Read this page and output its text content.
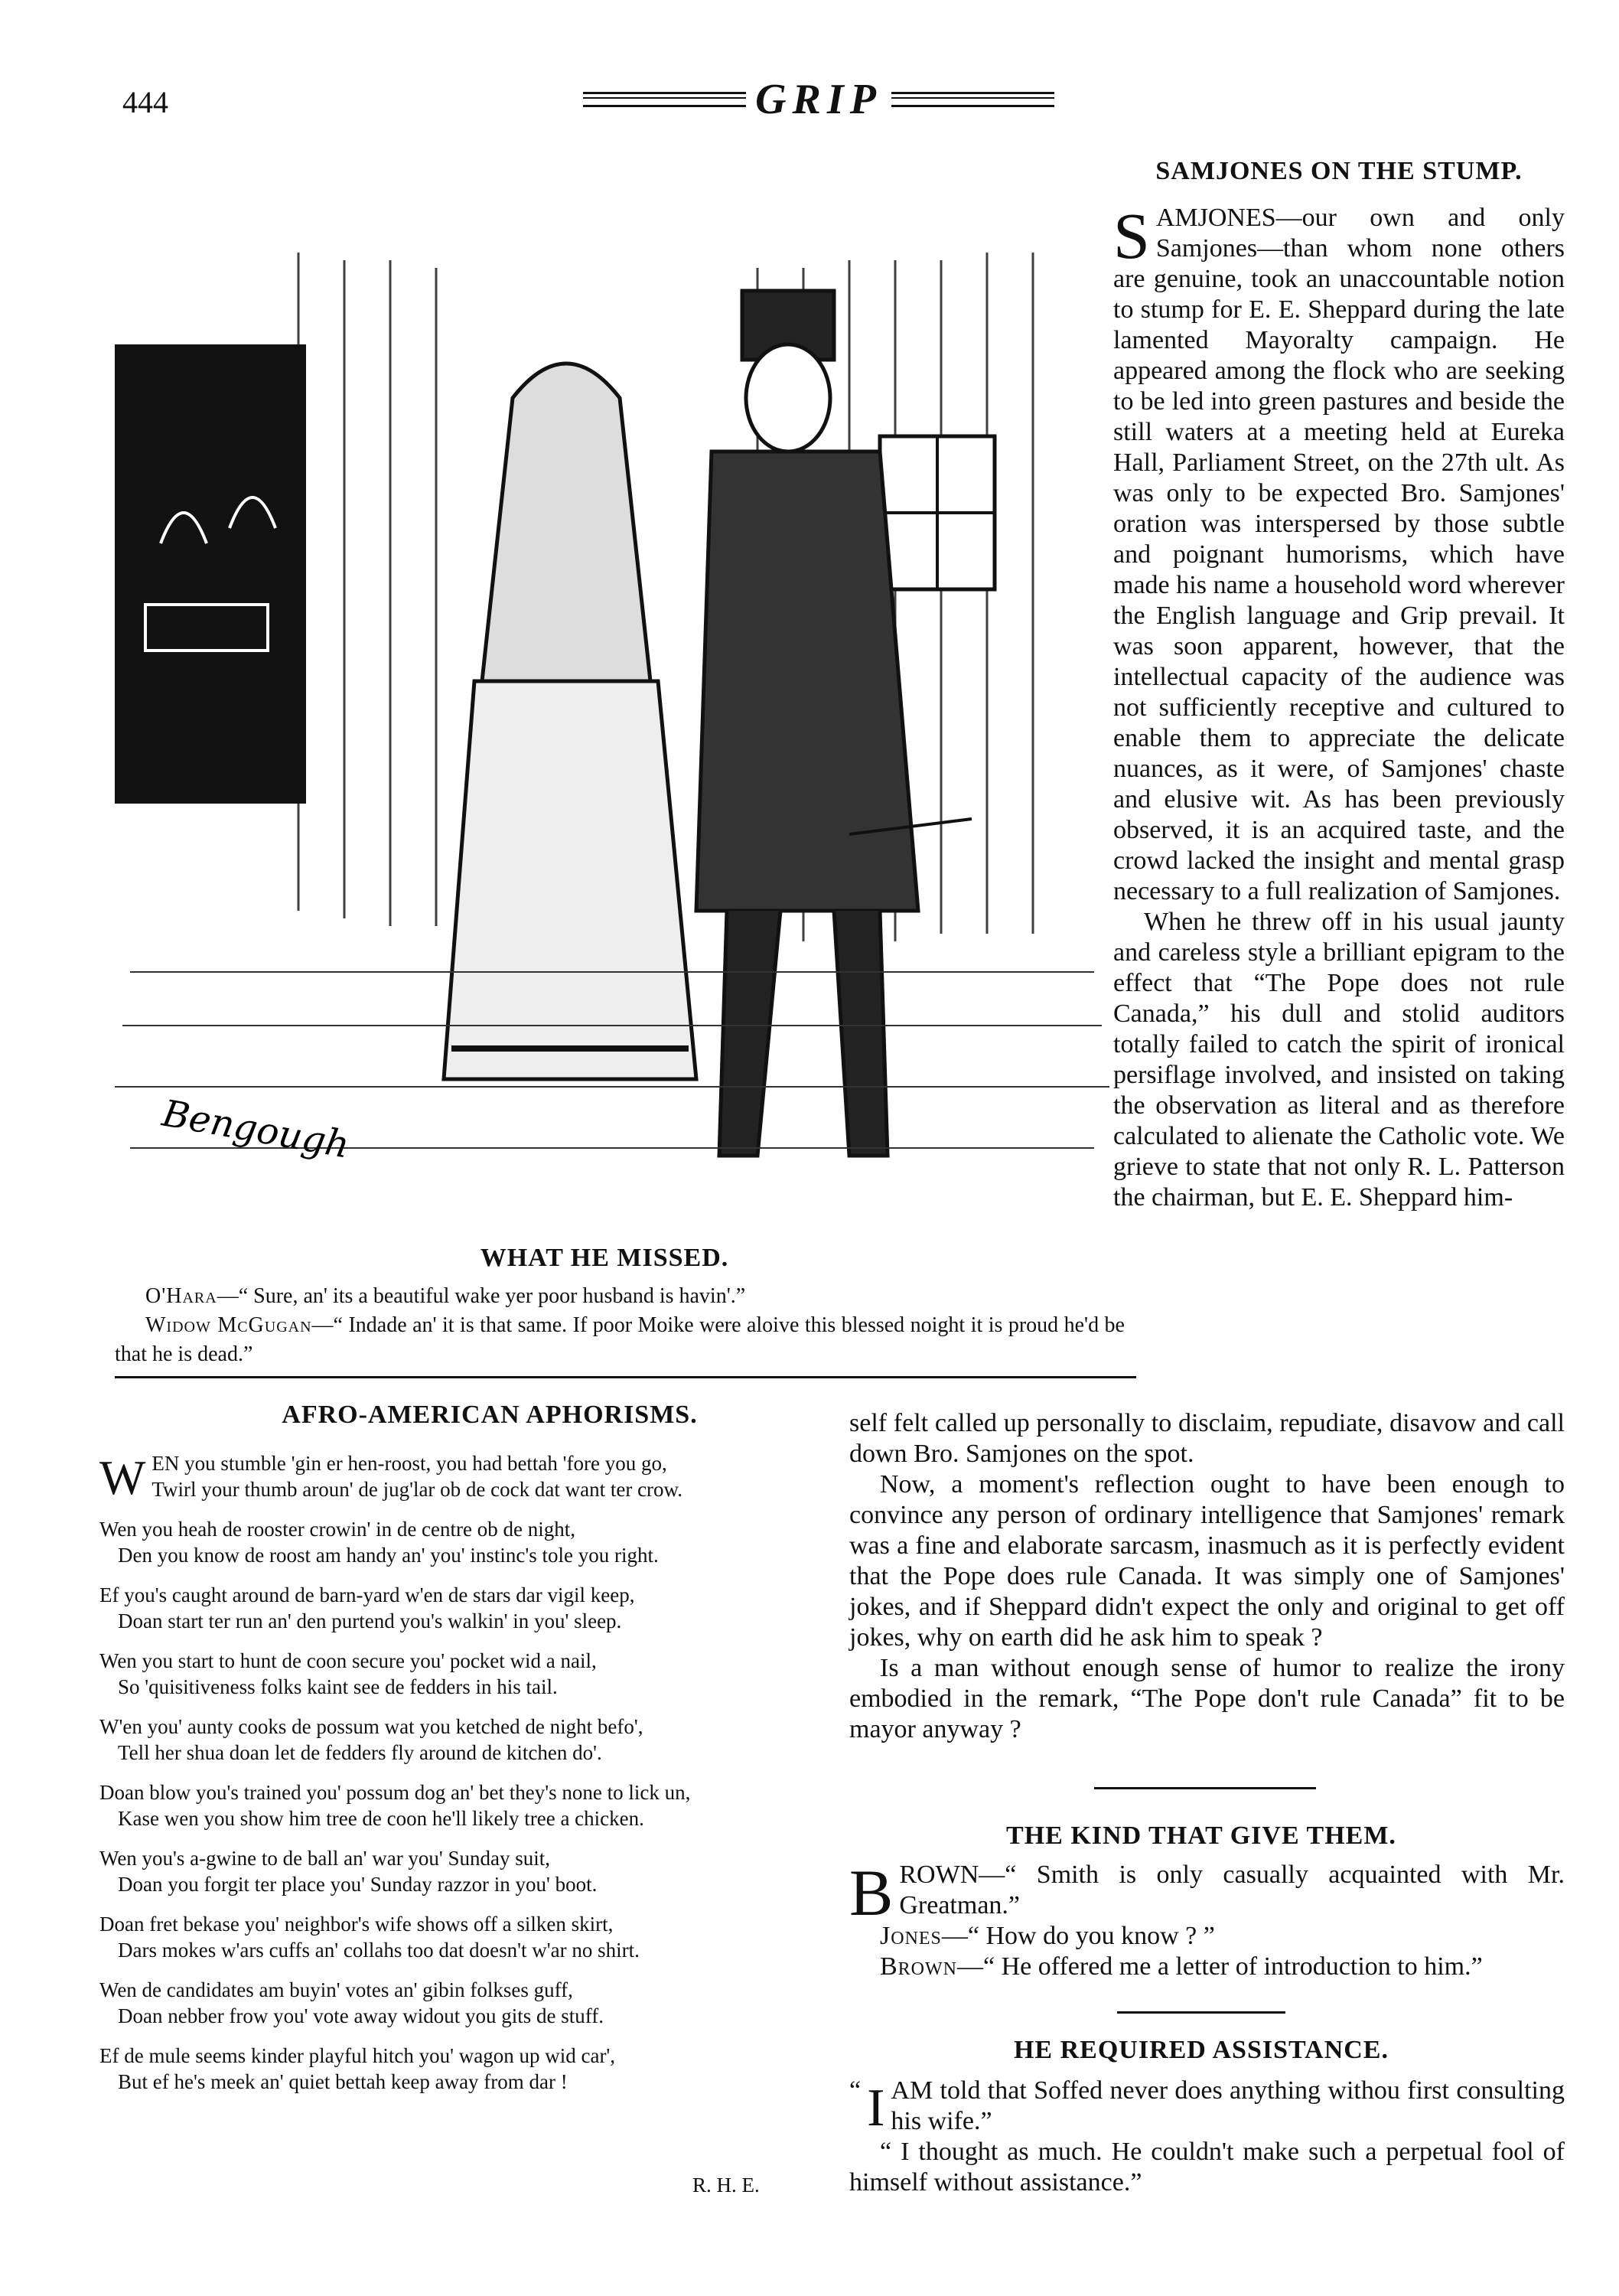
444	GRIP
Bengough
WHAT HE MISSED.

O'Hara—“ Sure, an' its a beautiful wake yer poor husband is havin'.”

Widow McGugan—“ Indade an' it is that same. If poor Moike were aloive this blessed noight it is proud he'd be that he is dead.”

SAMJONES ON THE STUMP.

SAMJONES—our own and only Samjones—than whom none others are genuine, took an unaccountable notion to stump for E. E. Sheppard during the late lamented Mayoralty campaign. He appeared among the flock who are seeking to be led into green pastures and beside the still waters at a meeting held at Eureka Hall, Parliament Street, on the 27th ult. As was only to be expected Bro. Samjones' oration was interspersed by those subtle and poignant humorisms, which have made his name a household word wherever the English language and Grip prevail. It was soon apparent, however, that the intellectual capacity of the audience was not sufficiently receptive and cultured to enable them to appreciate the delicate nuances, as it were, of Samjones' chaste and elusive wit. As has been previously observed, it is an acquired taste, and the crowd lacked the insight and mental grasp necessary to a full realization of Samjones.

When he threw off in his usual jaunty and careless style a brilliant epigram to the effect that “The Pope does not rule Canada,” his dull and stolid auditors totally failed to catch the spirit of ironical persiflage involved, and insisted on taking the observation as literal and as therefore calculated to alienate the Catholic vote. We grieve to state that not only R. L. Patterson the chairman, but E. E. Sheppard him-

self felt called up personally to disclaim, repudiate, disavow and call down Bro. Samjones on the spot.

Now, a moment's reflection ought to have been enough to convince any person of ordinary intelligence that Samjones' remark was a fine and elaborate sarcasm, inasmuch as it is perfectly evident that the Pope does rule Canada. It was simply one of Samjones' jokes, and if Sheppard didn't expect the only and original to get off jokes, why on earth did he ask him to speak ?

Is a man without enough sense of humor to realize the irony embodied in the remark, “The Pope don't rule Canada” fit to be mayor anyway ?

AFRO-AMERICAN APHORISMS.

WEN you stumble 'gin er hen-roost, you had bettah 'fore you go,
Twirl your thumb aroun' de jug'lar ob de cock dat want ter crow.

Wen you heah de rooster crowin' in de centre ob de night,
Den you know de roost am handy an' you' instinc's tole you right.

Ef you's caught around de barn-yard w'en de stars dar vigil keep,
Doan start ter run an' den purtend you's walkin' in you' sleep.

Wen you start to hunt de coon secure you' pocket wid a nail,
So 'quisitiveness folks kaint see de fedders in his tail.

W'en you' aunty cooks de possum wat you ketched de night befo',
Tell her shua doan let de fedders fly around de kitchen do'.

Doan blow you's trained you' possum dog an' bet they's none to lick un,
Kase wen you show him tree de coon he'll likely tree a chicken.

Wen you's a-gwine to de ball an' war you' Sunday suit,
Doan you forgit ter place you' Sunday razzor in you' boot.

Doan fret bekase you' neighbor's wife shows off a silken skirt,
Dars mokes w'ars cuffs an' collahs too dat doesn't w'ar no shirt.

Wen de candidates am buyin' votes an' gibin folkses guff,
Doan nebber frow you' vote away widout you gits de stuff.

Ef de mule seems kinder playful hitch you' wagon up wid car',
But ef he's meek an' quiet bettah keep away from dar !

R. H. E.
THE KIND THAT GIVE THEM.

BROWN—“ Smith is only casually acquainted with Mr. Greatman.”

Jones—“ How do you know ? ”

Brown—“ He offered me a letter of introduction to him.”

HE REQUIRED ASSISTANCE.

“ I AM told that Soffed never does anything withou first consulting his wife.”

“ I thought as much. He couldn't make such a perpetual fool of himself without assistance.”
